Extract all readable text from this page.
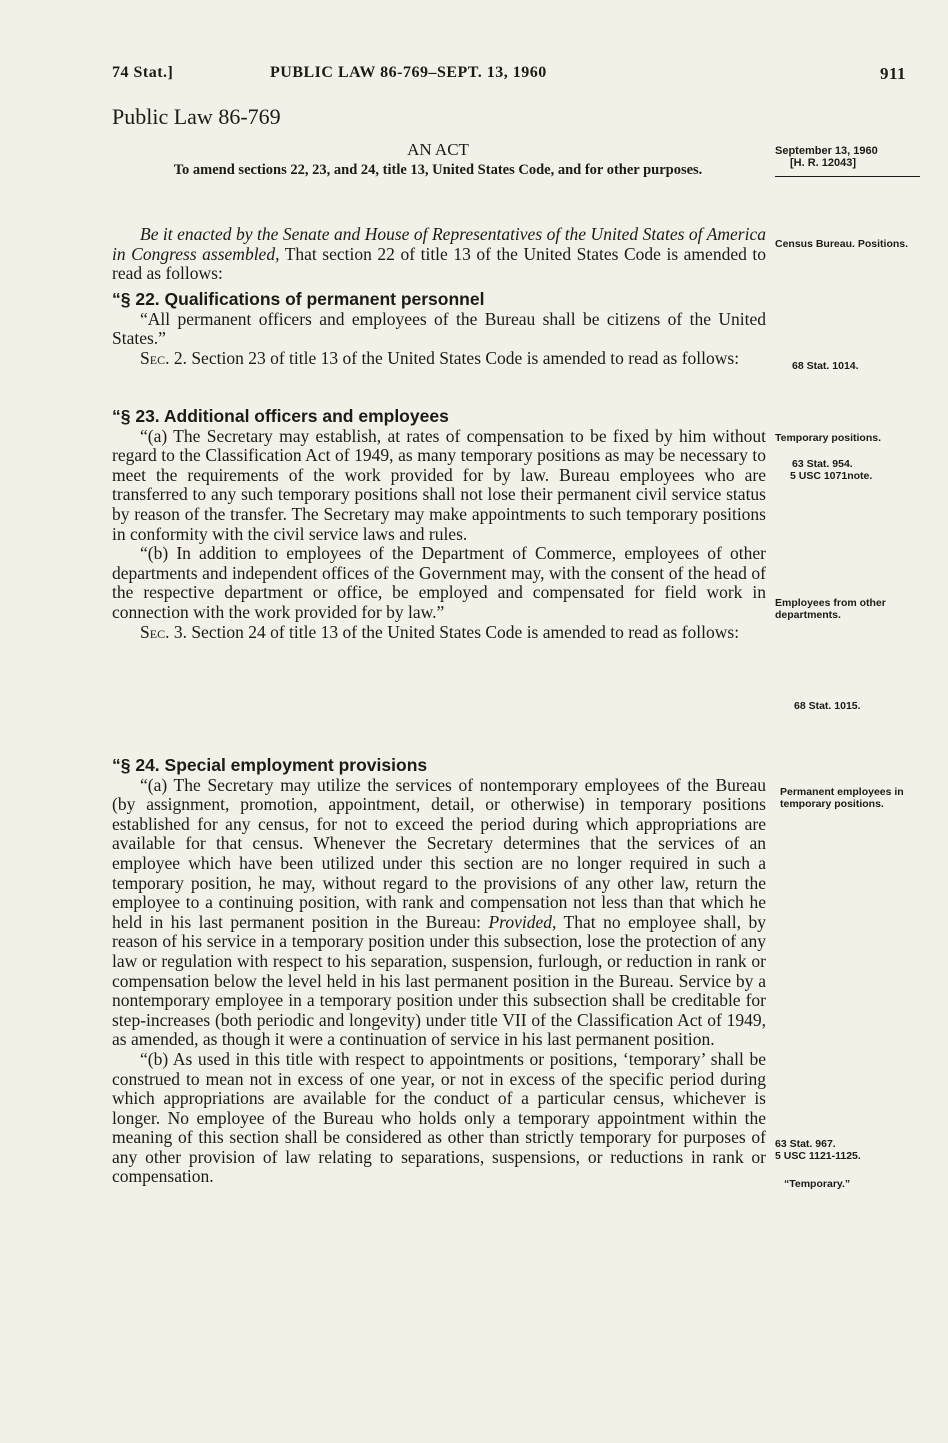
74 Stat.]	PUBLIC LAW 86-769–SEPT. 13, 1960	911
Public Law 86-769
AN ACT
To amend sections 22, 23, and 24, title 13, United States Code, and for other purposes.

Be it enacted by the Senate and House of Representatives of the United States of America in Congress assembled, That section 22 of title 13 of the United States Code is amended to read as follows:

“§ 22. Qualifications of permanent personnel

“All permanent officers and employees of the Bureau shall be citizens of the United States.”

Sec. 2. Section 23 of title 13 of the United States Code is amended to read as follows:

“§ 23. Additional officers and employees

“(a) The Secretary may establish, at rates of compensation to be fixed by him without regard to the Classification Act of 1949, as many temporary positions as may be necessary to meet the requirements of the work provided for by law. Bureau employees who are transferred to any such temporary positions shall not lose their permanent civil service status by reason of the transfer. The Secretary may make appointments to such temporary positions in conformity with the civil service laws and rules.

“(b) In addition to employees of the Department of Commerce, employees of other departments and independent offices of the Government may, with the consent of the head of the respective department or office, be employed and compensated for field work in connection with the work provided for by law.”

Sec. 3. Section 24 of title 13 of the United States Code is amended to read as follows:

“§ 24. Special employment provisions

“(a) The Secretary may utilize the services of nontemporary employees of the Bureau (by assignment, promotion, appointment, detail, or otherwise) in temporary positions established for any census, for not to exceed the period during which appropriations are available for that census. Whenever the Secretary determines that the services of an employee which have been utilized under this section are no longer required in such a temporary position, he may, without regard to the provisions of any other law, return the employee to a continuing position, with rank and compensation not less than that which he held in his last permanent position in the Bureau: Provided, That no employee shall, by reason of his service in a temporary position under this subsection, lose the protection of any law or regulation with respect to his separation, suspension, furlough, or reduction in rank or compensation below the level held in his last permanent position in the Bureau. Service by a nontemporary employee in a temporary position under this subsection shall be creditable for step-increases (both periodic and longevity) under title VII of the Classification Act of 1949, as amended, as though it were a continuation of service in his last permanent position.

“(b) As used in this title with respect to appointments or positions, ‘temporary’ shall be construed to mean not in excess of one year, or not in excess of the specific period during which appropriations are available for the conduct of a particular census, whichever is longer. No employee of the Bureau who holds only a temporary appointment within the meaning of this section shall be considered as other than strictly temporary for purposes of any other provision of law relating to separations, suspensions, or reductions in rank or compensation.

September 13, 1960
[H. R. 12043]
Census Bureau. Positions.
68 Stat. 1014.
Temporary positions.
63 Stat. 954.
5 USC 1071note.
Employees from other departments.
68 Stat. 1015.
Permanent employees in temporary positions.
63 Stat. 967.
5 USC 1121-1125.
“Temporary.”
